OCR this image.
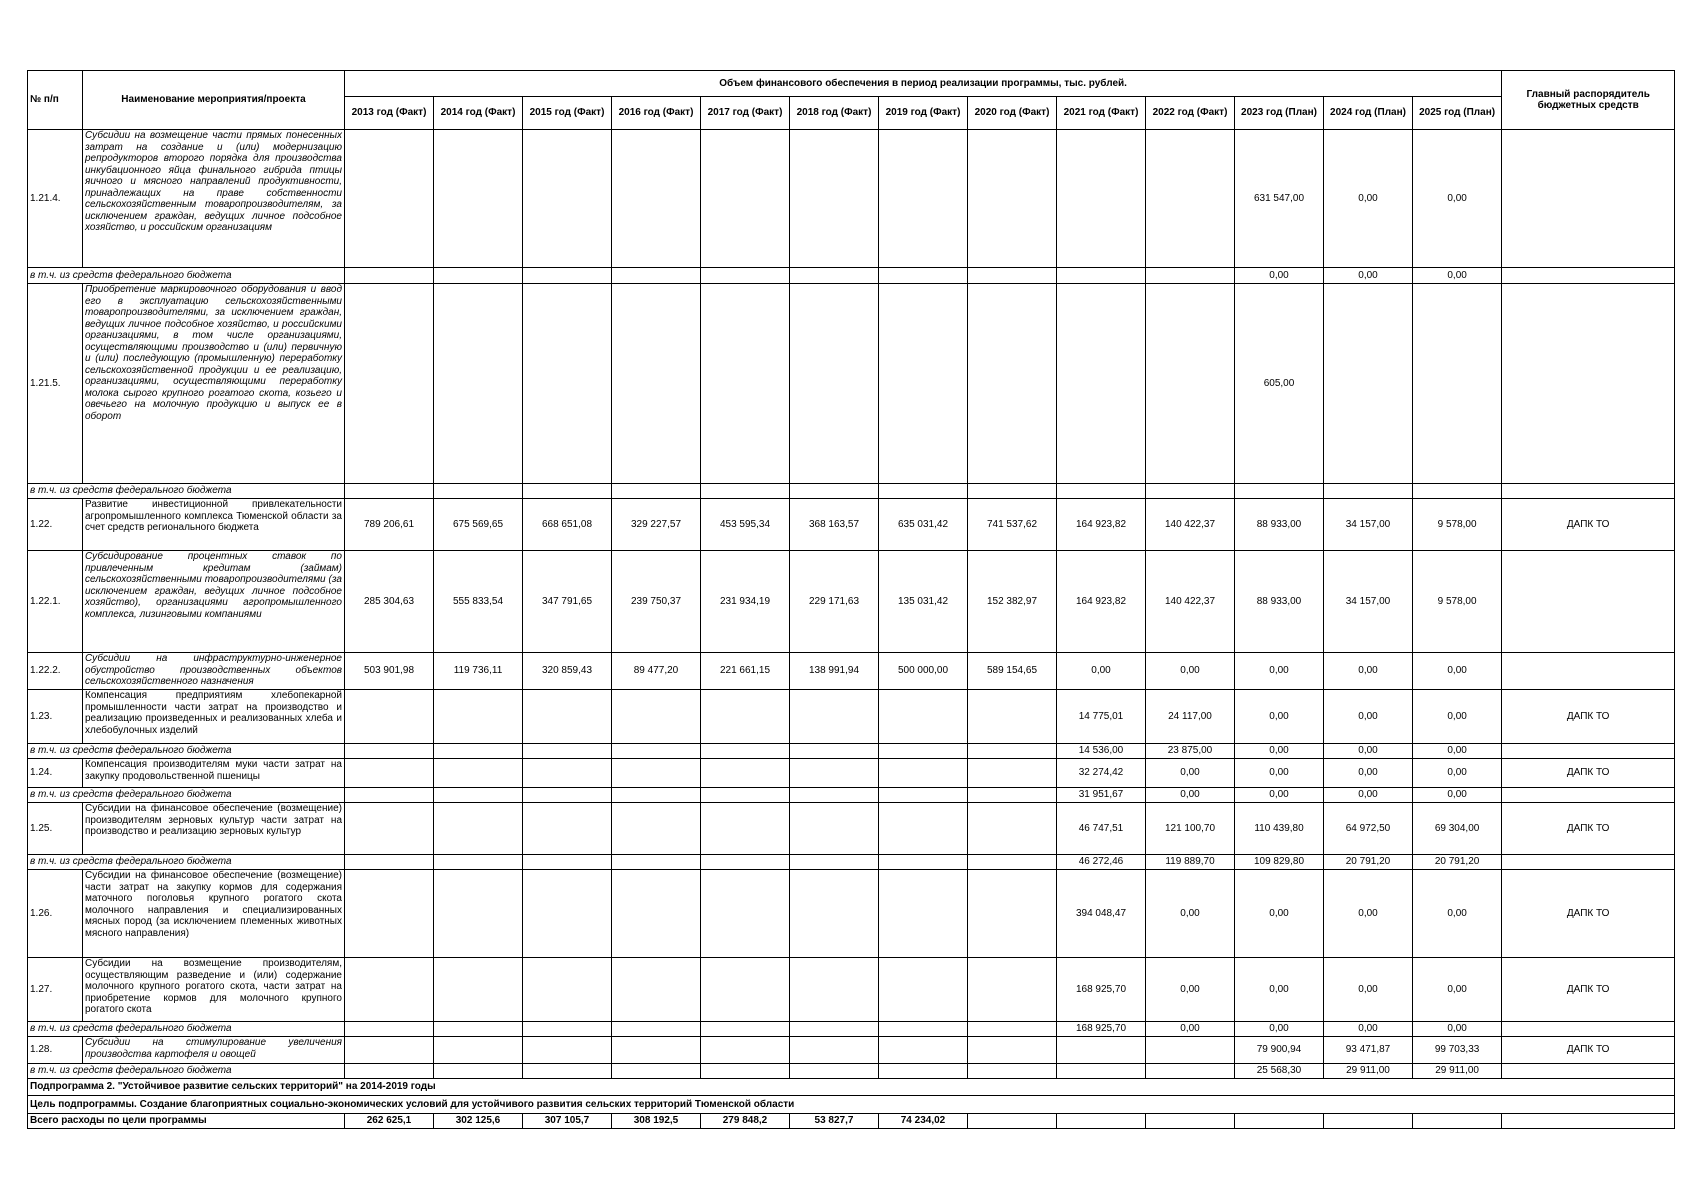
№ п/п	Наименование мероприятия/проекта	Объем финансового обеспечения в период реализации программы, тыс. рублей.													Главный распорядитель бюджетных средств
		2013 год (Факт)	2014 год (Факт)	2015 год (Факт)	2016 год (Факт)	2017 год (Факт)	2018 год (Факт)	2019 год (Факт)	2020 год (Факт)	2021 год (Факт)	2022 год (Факт)	2023 год (План)	2024 год (План)	2025 год (План)	
1.21.4.	Субсидии на возмещение части прямых понесенных затрат на создание и (или) модернизацию репродукторов второго порядка для производства инкубационного яйца финального гибрида птицы яичного и мясного направлений продуктивности, принадлежащих на праве собственности сельскохозяйственным товаропроизводителям, за исключением граждан, ведущих личное подсобное хозяйство, и российским организациям											631 547,00	0,00	0,00	
в т.ч. из средств федерального бюджета												0,00	0,00	0,00	
1.21.5.	Приобретение маркировочного оборудования и ввод его в эксплуатацию сельскохозяйственными товаропроизводителями, за исключением граждан, ведущих личное подсобное хозяйство, и российскими организациями, в том числе организациями, осуществляющими производство и (или) первичную и (или) последующую (промышленную) переработку сельскохозяйственной продукции и ее реализацию, организациями, осуществляющими переработку молока сырого крупного рогатого скота, козьего и овечьего на молочную продукцию и выпуск ее в оборот											605,00			
в т.ч. из средств федерального бюджета															
1.22.	Развитие инвестиционной привлекательности агропромышленного комплекса Тюменской области за счет средств регионального бюджета	789 206,61	675 569,65	668 651,08	329 227,57	453 595,34	368 163,57	635 031,42	741 537,62	164 923,82	140 422,37	88 933,00	34 157,00	9 578,00	ДАПК ТО
1.22.1.	Субсидирование процентных ставок по привлеченным кредитам (займам) сельскохозяйственными товаропроизводителями (за исключением граждан, ведущих личное подсобное хозяйство), организациями агропромышленного комплекса, лизинговыми компаниями	285 304,63	555 833,54	347 791,65	239 750,37	231 934,19	229 171,63	135 031,42	152 382,97	164 923,82	140 422,37	88 933,00	34 157,00	9 578,00	
1.22.2.	Субсидии на инфраструктурно-инженерное обустройство производственных объектов сельскохозяйственного назначения	503 901,98	119 736,11	320 859,43	89 477,20	221 661,15	138 991,94	500 000,00	589 154,65	0,00	0,00	0,00	0,00	0,00	
1.23.	Компенсация предприятиям хлебопекарной промышленности части затрат на производство и реализацию произведенных и реализованных хлеба и хлебобулочных изделий									14 775,01	24 117,00	0,00	0,00	0,00	ДАПК ТО
в т.ч. из средств федерального бюджета										14 536,00	23 875,00	0,00	0,00	0,00	
1.24.	Компенсация производителям муки части затрат на закупку продовольственной пшеницы									32 274,42	0,00	0,00	0,00	0,00	ДАПК ТО
в т.ч. из средств федерального бюджета										31 951,67	0,00	0,00	0,00	0,00	
1.25.	Субсидии на финансовое обеспечение (возмещение) производителям зерновых культур части затрат на производство и реализацию зерновых культур									46 747,51	121 100,70	110 439,80	64 972,50	69 304,00	ДАПК ТО
в т.ч. из средств федерального бюджета										46 272,46	119 889,70	109 829,80	20 791,20	20 791,20	
1.26.	Субсидии на финансовое обеспечение (возмещение) части затрат на закупку кормов для содержания маточного поголовья крупного рогатого скота молочного направления и специализированных мясных пород (за исключением племенных животных мясного направления)									394 048,47	0,00	0,00	0,00	0,00	ДАПК ТО
1.27.	Субсидии на возмещение производителям, осуществляющим разведение и (или) содержание молочного крупного рогатого скота, части затрат на приобретение кормов для молочного крупного рогатого скота									168 925,70	0,00	0,00	0,00	0,00	ДАПК ТО
в т.ч. из средств федерального бюджета										168 925,70	0,00	0,00	0,00	0,00	
1.28.	Субсидии на стимулирование увеличения производства картофеля и овощей											79 900,94	93 471,87	99 703,33	ДАПК ТО
в т.ч. из средств федерального бюджета												25 568,30	29 911,00	29 911,00	
Подпрограмма 2. "Устойчивое развитие сельских территорий" на 2014-2019 годы															
Цель подпрограммы. Создание благоприятных социально-экономических условий для устойчивого развития сельских территорий Тюменской области															
Всего расходы по цели программы		262 625,1	302 125,6	307 105,7	308 192,5	279 848,2	53 827,7	74 234,02							
